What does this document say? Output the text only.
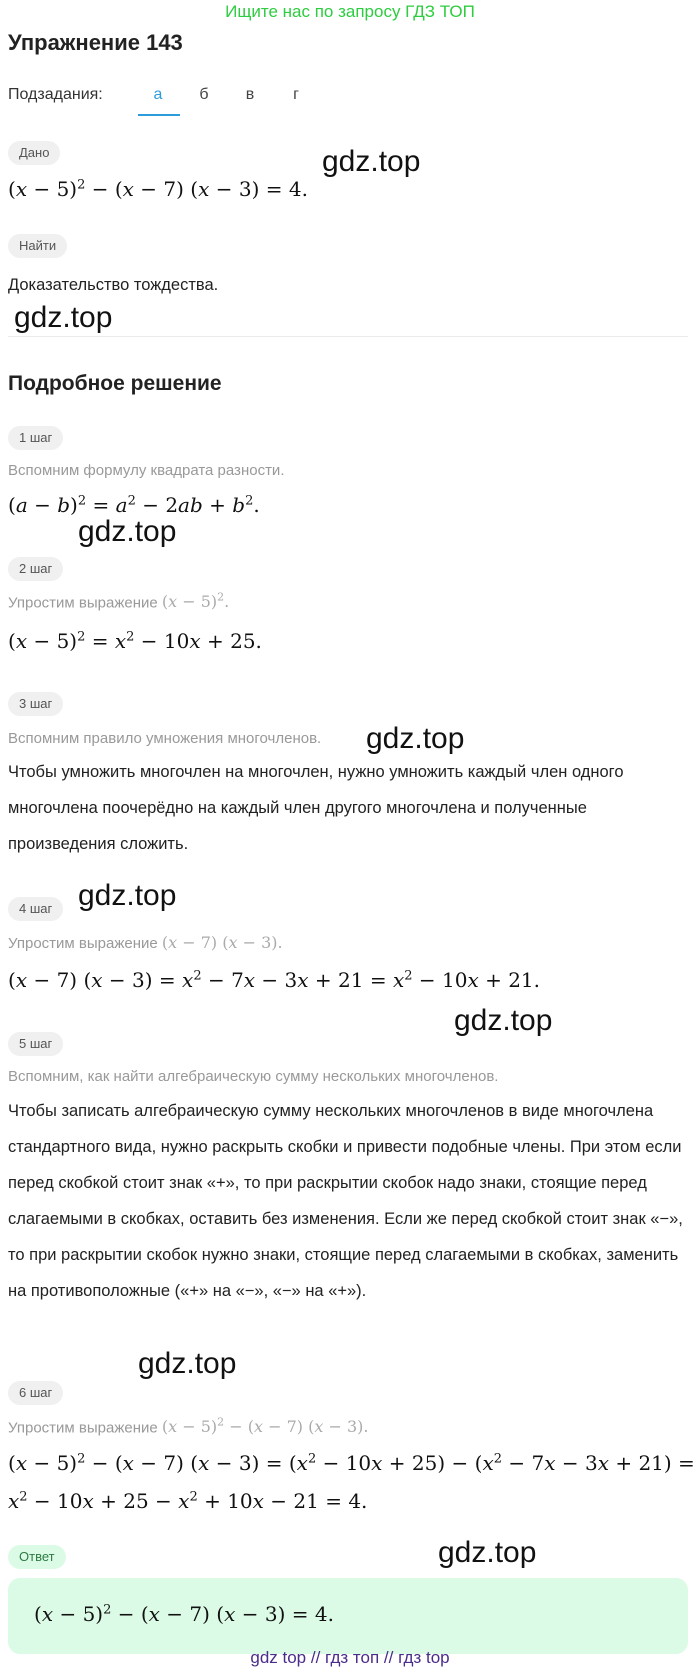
Ищите нас по запросу ГДЗ ТОП
Упражнение 143
Подзадания:	а	б	в	г
Дано
$(x - 5)^2 - (x - 7)$ (x − 3) = 4.
gdz.top
Найти
Доказательство тождества.
gdz.top
Подробное решение
1 шаг
Вспомним формулу квадрата разности.
$(a - b)^2 = a^2 - 2ab + b^2$.
gdz.top
2 шаг
Упростим выражение $(x - 5)^2$.
$(x - 5)^2 = x^2 - 10x + 25$.
3 шаг
Вспомним правило умножения многочленов. gdz.top
Чтобы умножить многочлен на многочлен, нужно умножить каждый член одного многочлена поочерёдно на каждый член другого многочлена и полученные произведения сложить.
gdz.top
4 шаг
Упростим выражение (x − 7) (x − 3).
(x − 7) $(x - 3) = x^2 - 7x - 3x + 21 = x^2 - 10x + 21$.
5 шаг
gdz.top
Вспомним, как найти алгебраическую сумму нескольких многочленов.
Чтобы записать алгебраическую сумму нескольких многочленов в виде многочлена стандартного вида, нужно раскрыть скобки и привести подобные члены. При этом если перед скобкой стоит знак «+», то при раскрытии скобок надо знаки, стоящие перед слагаемыми в скобках, оставить без изменения. Если же перед скобкой стоит знак «−», то при раскрытии скобок нужно знаки, стоящие перед слагаемыми в скобках, заменить на противоположные («+» на «−», «−» на «+»).
gdz.top
6 шаг
Упростим выражение $(x - 5)^2 - (x - 7)$ (x − 3).
$(x - 5)^2 - (x - 7)$ $(x - 3) = (x^2 - 10x + 25) - (x^2 - 7x - 3x + 21)$ =
$x^2 - 10x + 25 - x^2 + 10x - 21 = 4$.
Ответ	gdz.top
$(x - 5)^2 - (x - 7)$ (x − 3) = 4.
gdz top // гдз топ // гдз top
